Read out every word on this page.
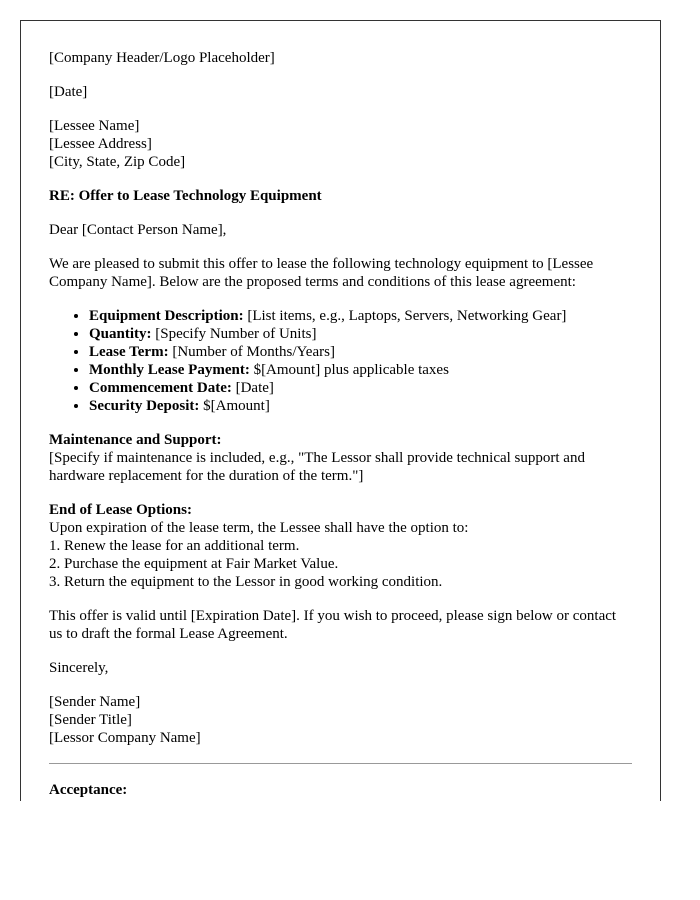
[Company Header/Logo Placeholder]

[Date]

[Lessee Name]
[Lessee Address]
[City, State, Zip Code]

RE: Offer to Lease Technology Equipment

Dear [Contact Person Name],

We are pleased to submit this offer to lease the following technology equipment to [Lessee Company Name]. Below are the proposed terms and conditions of this lease agreement:

• Equipment Description: [List items, e.g., Laptops, Servers, Networking Gear]
• Quantity: [Specify Number of Units]
• Lease Term: [Number of Months/Years]
• Monthly Lease Payment: $[Amount] plus applicable taxes
• Commencement Date: [Date]
• Security Deposit: $[Amount]

Maintenance and Support:
[Specify if maintenance is included, e.g., "The Lessor shall provide technical support and hardware replacement for the duration of the term."]

End of Lease Options:
Upon expiration of the lease term, the Lessee shall have the option to:
1. Renew the lease for an additional term.
2. Purchase the equipment at Fair Market Value.
3. Return the equipment to the Lessor in good working condition.

This offer is valid until [Expiration Date]. If you wish to proceed, please sign below or contact us to draft the formal Lease Agreement.

Sincerely,

[Sender Name]
[Sender Title]
[Lessor Company Name]

Acceptance:
